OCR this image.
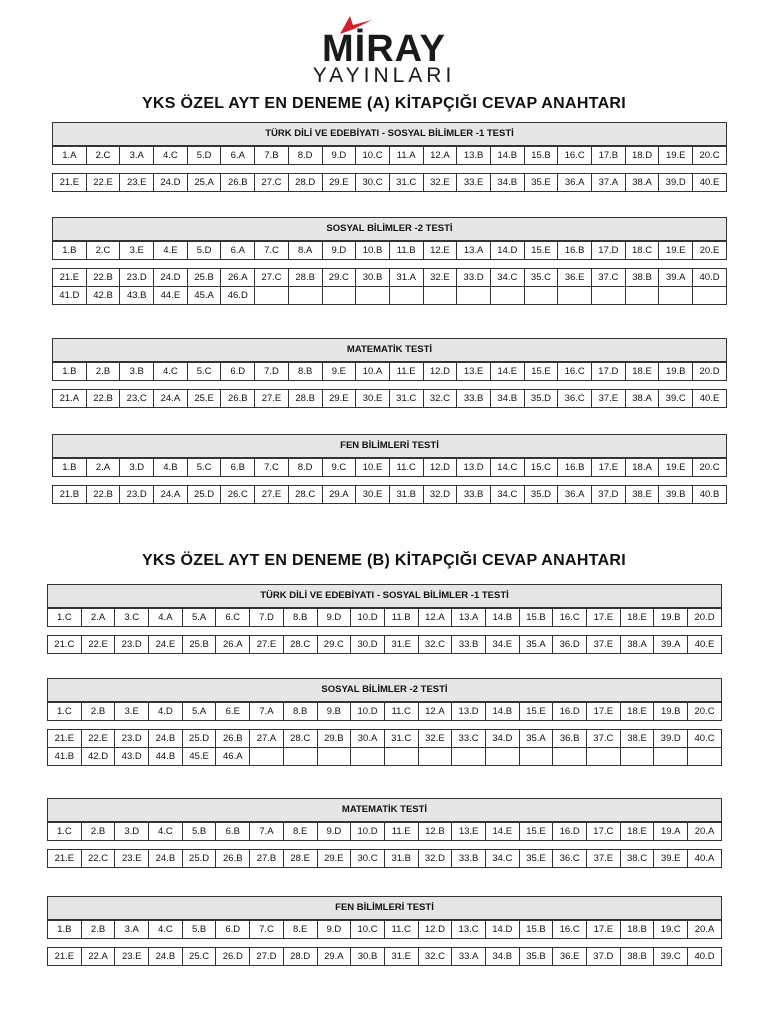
MİRAY
YAYINLARI
YKS ÖZEL AYT EN DENEME (A) KİTAPÇIĞI CEVAP ANAHTARI
TÜRK DİLİ VE EDEBİYATI - SOSYAL BİLİMLER -1 TESTİ
1.A	2.C	3.A	4.C	5.D	6.A	7.B	8.D	9.D	10.C	11.A	12.A	13.B	14.B	15.B	16.C	17.B	18.D	19.E	20.C
21.E	22.E	23.E	24.D	25.A	26.B	27.C	28.D	29.E	30.C	31.C	32.E	33.E	34.B	35.E	36.A	37.A	38.A	39.D	40.E
SOSYAL BİLİMLER -2 TESTİ
1.B	2.C	3.E	4.E	5.D	6.A	7.C	8.A	9.D	10.B	11.B	12.E	13.A	14.D	15.E	16.B	17.D	18.C	19.E	20.E
21.E	22.B	23.D	24.D	25.B	26.A	27.C	28.B	29.C	30.B	31.A	32.E	33.D	34.C	35.C	36.E	37.C	38.B	39.A	40.D
41.D	42.B	43.B	44.E	45.A	46.D														
MATEMATİK TESTİ
1.B	2.B	3.B	4.C	5.C	6.D	7.D	8.B	9.E	10.A	11.E	12.D	13.E	14.E	15.E	16.C	17.D	18.E	19.B	20.D
21.A	22.B	23.C	24.A	25.E	26.B	27.E	28.B	29.E	30.E	31.C	32.C	33.B	34.B	35.D	36.C	37.E	38.A	39.C	40.E
FEN BİLİMLERİ TESTİ
1.B	2.A	3.D	4.B	5.C	6.B	7.C	8.D	9.C	10.E	11.C	12.D	13.D	14.C	15.C	16.B	17.E	18.A	19.E	20.C
21.B	22.B	23.D	24.A	25.D	26.C	27.E	28.C	29.A	30.E	31.B	32.D	33.B	34.C	35.D	36.A	37.D	38.E	39.B	40.B
YKS ÖZEL AYT EN DENEME (B) KİTAPÇIĞI CEVAP ANAHTARI
TÜRK DİLİ VE EDEBİYATI - SOSYAL BİLİMLER -1 TESTİ
1.C	2.A	3.C	4.A	5.A	6.C	7.D	8.B	9.D	10.D	11.B	12.A	13.A	14.B	15.B	16.C	17.E	18.E	19.B	20.D
21.C	22.E	23.D	24.E	25.B	26.A	27.E	28.C	29.C	30.D	31.E	32.C	33.B	34.E	35.A	36.D	37.E	38.A	39.A	40.E
SOSYAL BİLİMLER -2 TESTİ
1.C	2.B	3.E	4.D	5.A	6.E	7.A	8.B	9.B	10.D	11.C	12.A	13.D	14.B	15.E	16.D	17.E	18.E	19.B	20.C
21.E	22.E	23.D	24.B	25.D	26.B	27.A	28.C	29.B	30.A	31.C	32.E	33.C	34.D	35.A	36.B	37.C	38.E	39.D	40.C
41.B	42.D	43.D	44.B	45.E	46.A														
MATEMATİK TESTİ
1.C	2.B	3.D	4.C	5.B	6.B	7.A	8.E	9.D	10.D	11.E	12.B	13.E	14.E	15.E	16.D	17.C	18.E	19.A	20.A
21.E	22.C	23.E	24.B	25.D	26.B	27.B	28.E	29.E	30.C	31.B	32.D	33.B	34.C	35.E	36.C	37.E	38.C	39.E	40.A
FEN BİLİMLERİ TESTİ
1.B	2.B	3.A	4.C	5.B	6.D	7.C	8.E	9.D	10.C	11.C	12.D	13.C	14.D	15.B	16.C	17.E	18.B	19.C	20.A
21.E	22.A	23.E	24.B	25.C	26.D	27.D	28.D	29.A	30.B	31.E	32.C	33.A	34.B	35.B	36.E	37.D	38.B	39.C	40.D
